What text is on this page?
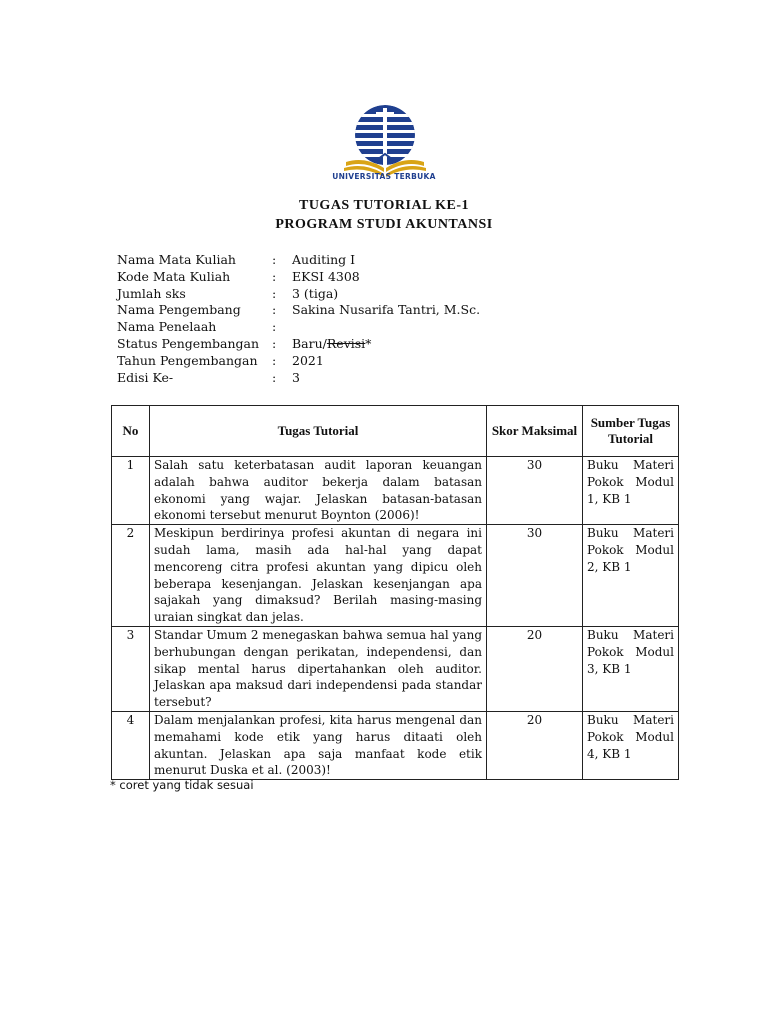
UNIVERSITAS TERBUKA
TUGAS TUTORIAL KE-1
PROGRAM STUDI AKUNTANSI
Nama Mata Kuliah	:	Auditing I
Kode Mata Kuliah	:	EKSI 4308
Jumlah sks	:	3 (tiga)
Nama Pengembang	:	Sakina Nusarifa Tantri, M.Sc.
Nama Penelaah	:
Status Pengembangan	:	Baru/Revisi*
Tahun Pengembangan	:	2021
Edisi Ke-	:	3
No	Tugas Tutorial	Skor Maksimal	Sumber Tugas Tutorial
1	Salah satu keterbatasan audit laporan keuangan adalah bahwa auditor bekerja dalam batasan ekonomi yang wajar. Jelaskan batasan-batasan ekonomi tersebut menurut Boynton (2006)!	30	Buku Materi Pokok Modul 1, KB 1
2	Meskipun berdirinya profesi akuntan di negara ini sudah lama, masih ada hal-hal yang dapat mencoreng citra profesi akuntan yang dipicu oleh beberapa kesenjangan. Jelaskan kesenjangan apa sajakah yang dimaksud? Berilah masing-masing uraian singkat dan jelas.	30	Buku Materi Pokok Modul 2, KB 1
3	Standar Umum 2 menegaskan bahwa semua hal yang berhubungan dengan perikatan, independensi, dan sikap mental harus dipertahankan oleh auditor. Jelaskan apa maksud dari independensi pada standar tersebut?	20	Buku Materi Pokok Modul 3, KB 1
4	Dalam menjalankan profesi, kita harus mengenal dan memahami kode etik yang harus ditaati oleh akuntan. Jelaskan apa saja manfaat kode etik menurut Duska et al. (2003)!	20	Buku Materi Pokok Modul 4, KB 1
* coret yang tidak sesuai
